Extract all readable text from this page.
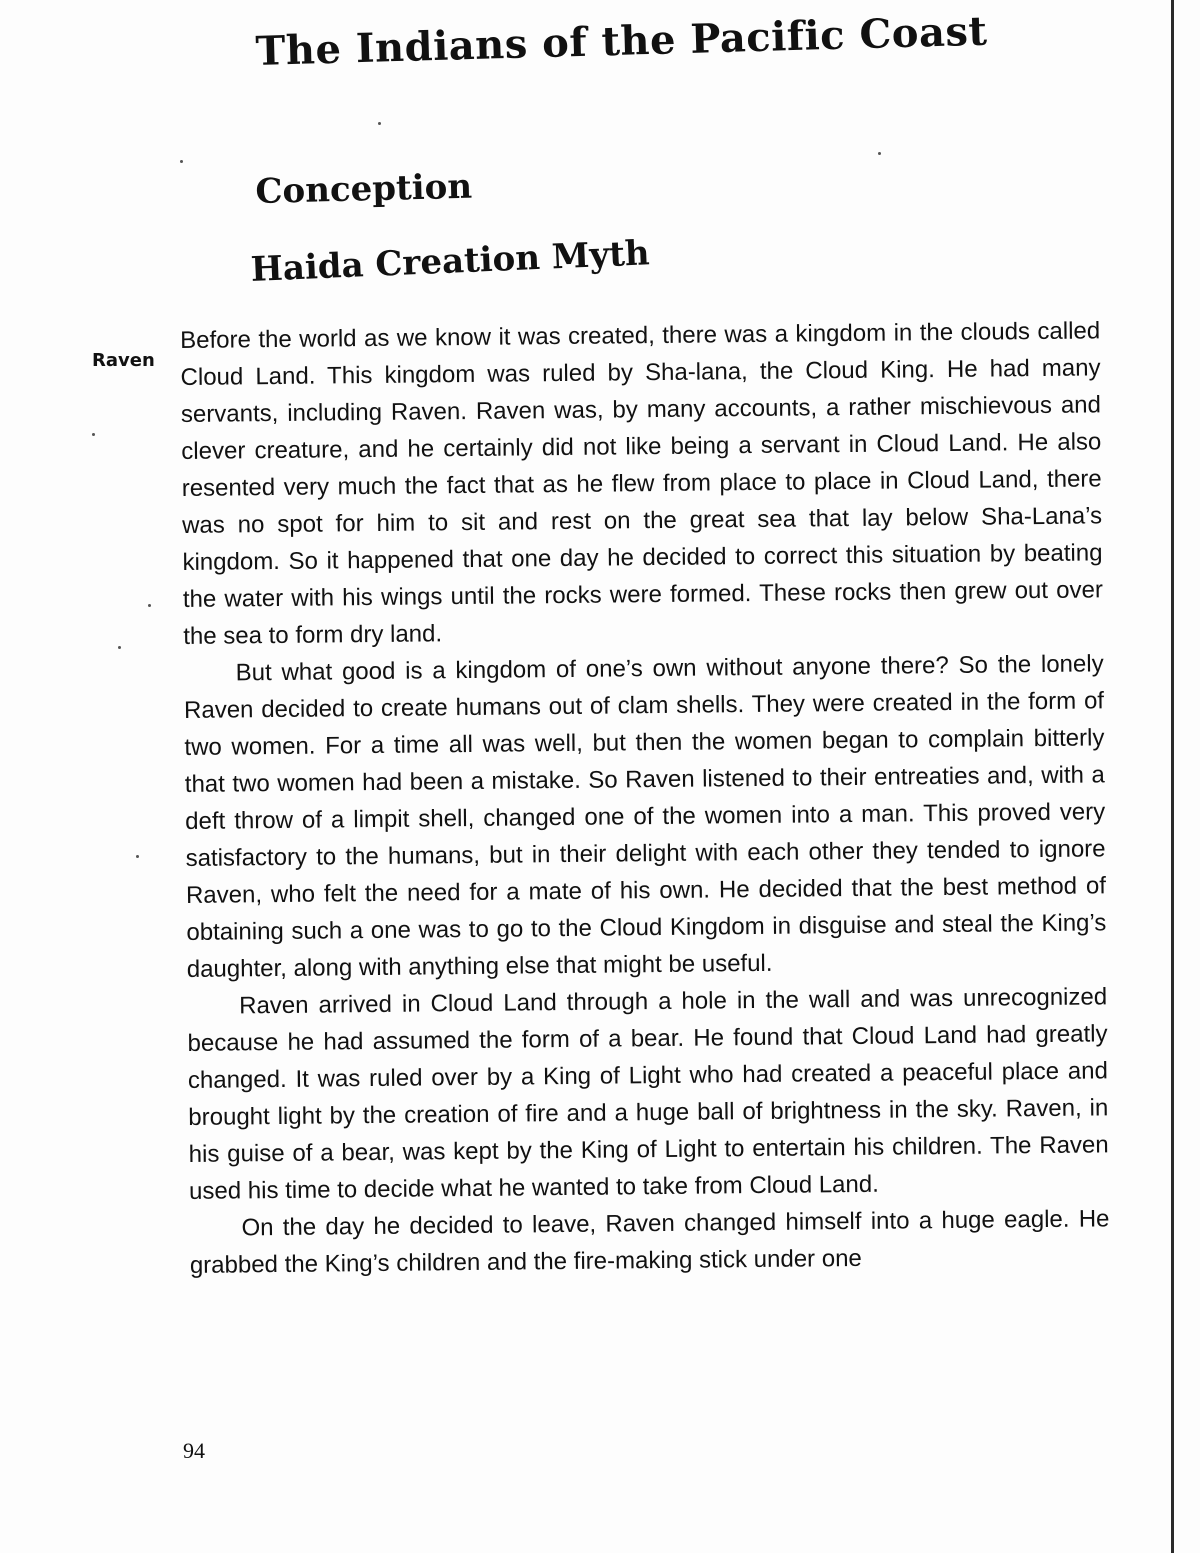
The Indians of the Pacific Coast
Conception
Haida Creation Myth
Raven

Before the world as we know it was created, there was a kingdom in the clouds called Cloud Land. This kingdom was ruled by Sha-lana, the Cloud King. He had many servants, including Raven. Raven was, by many accounts, a rather mischievous and clever creature, and he certainly did not like being a servant in Cloud Land. He also resented very much the fact that as he flew from place to place in Cloud Land, there was no spot for him to sit and rest on the great sea that lay below Sha-Lana’s kingdom. So it happened that one day he decided to correct this situation by beating the water with his wings until the rocks were formed. These rocks then grew out over the sea to form dry land.

But what good is a kingdom of one’s own without anyone there? So the lonely Raven decided to create humans out of clam shells. They were created in the form of two women. For a time all was well, but then the women began to complain bitterly that two women had been a mistake. So Raven listened to their entreaties and, with a deft throw of a limpit shell, changed one of the women into a man. This proved very satisfactory to the humans, but in their delight with each other they tended to ignore Raven, who felt the need for a mate of his own. He decided that the best method of obtaining such a one was to go to the Cloud Kingdom in disguise and steal the King’s daughter, along with anything else that might be useful.

Raven arrived in Cloud Land through a hole in the wall and was unrecognized because he had assumed the form of a bear. He found that Cloud Land had greatly changed. It was ruled over by a King of Light who had created a peaceful place and brought light by the creation of fire and a huge ball of brightness in the sky. Raven, in his guise of a bear, was kept by the King of Light to entertain his children. The Raven used his time to decide what he wanted to take from Cloud Land.

On the day he decided to leave, Raven changed himself into a huge eagle. He grabbed the King’s children and the fire-making stick under one

94
